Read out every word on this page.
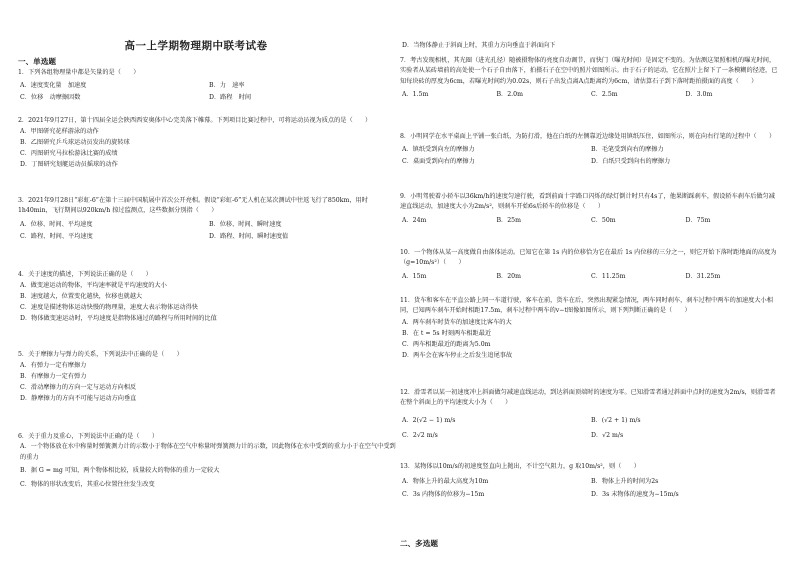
高一上学期物理期中联考试卷
一、单选题
1．下列各组物理量中都是矢量的是（　　）
A．速度变化量　加速度	B．力　速率
C．位移　动摩擦因数	D．路程　时间
2．2021年9月27日，第十四届全运会陕西西安奥体中心完美落下帷幕。下列项目比赛过程中，可将运动员视为质点的是（　　）
A．甲图研究花样游泳的动作
B．乙图研究乒乓球运动员发出的旋转球
C．丙图研究马拉松游泳比赛的成绩
D．丁图研究划艇运动员摇球的动作
3．2021年9月28日“彩虹-6”在第十三届中国航展中首次公开亮相。假设“彩虹-6”无人机在某次测试中往返飞行了850km，用时1h40min，飞行期间以920km/h 掠过监测点，这些数据分别指（　　）
A．位移、时间、平均速度	B．位移、时间、瞬时速度
C．路程、时间、平均速度	D．路程、时间、瞬时速度值
4．关于速度的描述，下列说法正确的是（　　）
A．做变速运动的物体，平均速率就是平均速度的大小
B．速度越大，位置变化越快，位移也就越大
C．速度是描述物体运动快慢的物理量，速度大表示物体运动得快
D．物体做变速运动时，平均速度是指物体通过的路程与所用时间的比值
5．关于摩擦力与弹力的关系，下列说法中正确的是（　　）
A．有弹力一定有摩擦力
B．有摩擦力一定有弹力
C．滑动摩擦力的方向一定与运动方向相反
D．静摩擦力的方向不可能与运动方向垂直
6．关于重力及重心，下列说法中正确的是（　　）
A．一个物体放在水中称量时弹簧测力计的示数小于物体在空气中称量时弹簧测力计的示数，因此物体在水中受到的重力小于在空气中受到的重力
B．据 G = mg 可知，两个物体相比较，质量较大的物体的重力一定较大
C．物体的形状改变后，其重心位置往往发生改变
D．当物体静止于斜面上时，其重力方向垂直于斜面向下
7．考古发现相机，其光圈（进光孔径）随被摄物体的亮度自动调节，而快门（曝光时间）是固定不变的。为估测这架照相机的曝光时间，实验者从某砖墙前的高处使一个石子自由落下，拍摄石子在空中的照片如图所示。由于石子的运动，它在照片上留下了一条模糊的径迹，已知每块砖的厚度为6cm，若曝光时间约为0.02s，则石子出发点离A点距离约为6cm，请估算石子到下落时距拍摄面的高度（　　）
A．1.5m	B．2.0m	C．2.5m	D．3.0m
8．小明同学在水平桌面上平铺一张白纸，为防打滑，他在白纸的左侧靠近边缘处用镇纸压住，如图所示，则在向右行笔的过程中（　　）
A．镇纸受到向左的摩擦力	B．毛笔受到向右的摩擦力
C．桌面受到向右的摩擦力	D．白纸只受到向右的摩擦力
9．小明驾驶着小轿车以36km/h的速度匀速行驶，看到前面十字路口闪烁的绿灯倒计时只有4s了，他果断踩刹车，假设轿车刹车后做匀减速直线运动，加速度大小为2m/s²，则刹车开始6s后轿车的位移是（　　）
A．24m	B．25m	C．50m	D．75m
10．一个物体从某一高度做自由落体运动。已知它在第 1s 内的位移恰为它在最后 1s 内位移的三分之一，则它开始下落时距地面的高度为（g=10m/s²）（　　）
A．15m	B．20m	C．11.25m	D．31.25m
11．货车和客车在平直公路上同一车道行驶，客车在前，货车在后，突然出现紧急情况，两车同时刹车，刹车过程中两车的加速度大小相同，已知两车刹车开始时相距17.5m，刹车过程中两车的v−t图像如图所示，则下列判断正确的是（　　）
A．两车刹车时货车的加速度比客车的大
B．在 t = 5s 时刻两车相距最近
C．两车相距最近的距离为5.0m
D．两车会在客车停止之后发生追尾事故
12．滑雪者以某一初速度冲上斜面做匀减速直线运动，到达斜面顶端时的速度为零。已知滑雪者通过斜面中点时的速度为2m/s，则滑雪者在整个斜面上的平均速度大小为（　　）
A．2(√2 − 1) m/s	B．(√2 + 1) m/s
C．2√2 m/s	D．√2 m/s
13．某物体以10m/s的初速度竖直向上抛出，不计空气阻力，g 取10m/s²，则（　　）
A．物体上升的最大高度为10m	B．物体上升的时间为2s
C．3s 内物体的位移为−15m	D．3s 末物体的速度为−15m/s
二、多选题
